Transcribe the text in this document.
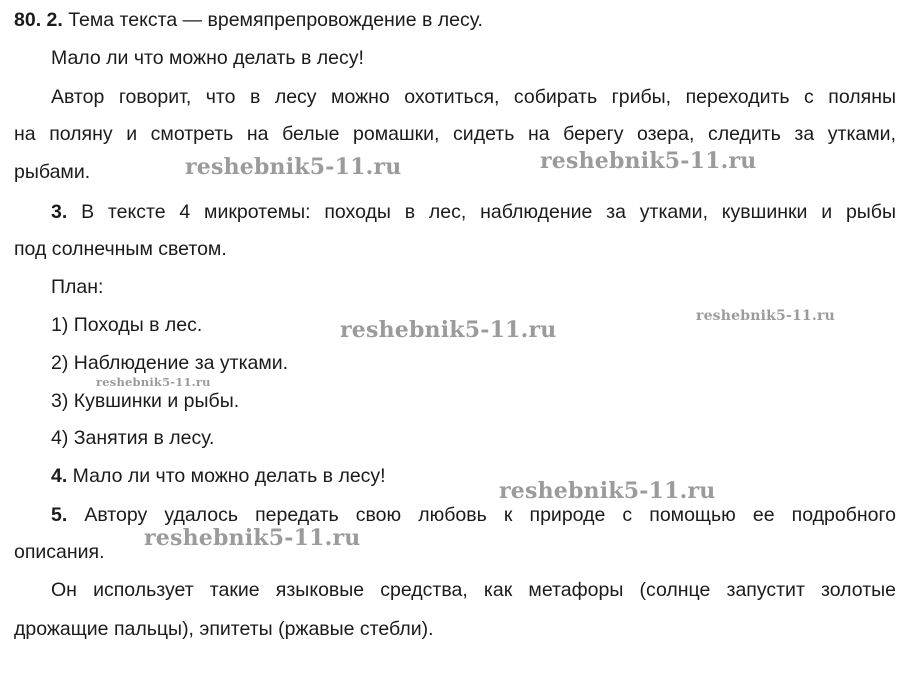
80. 2. Тема текста — времяпрепровождение в лесу.
Мало ли что можно делать в лесу!
Автор говорит, что в лесу можно охотиться, собирать грибы, переходить с поляны
на поляну и смотреть на белые ромашки, сидеть на берегу озера, следить за утками,
рыбами.
3. В тексте 4 микротемы: походы в лес, наблюдение за утками, кувшинки и рыбы
под солнечным светом.
План:
1) Походы в лес.
2) Наблюдение за утками.
3) Кувшинки и рыбы.
4) Занятия в лесу.
4. Мало ли что можно делать в лесу!
5. Автору удалось передать свою любовь к природе с помощью ее подробного
описания.
Он использует такие языковые средства, как метафоры (солнце запустит золотые
дрожащие пальцы), эпитеты (ржавые стебли).
reshebnik5-11.ru	reshebnik5-11.ru
reshebnik5-11.ru
reshebnik5-11.ru
reshebnik5-11.ru
reshebnik5-11.ru
reshebnik5-11.ru
